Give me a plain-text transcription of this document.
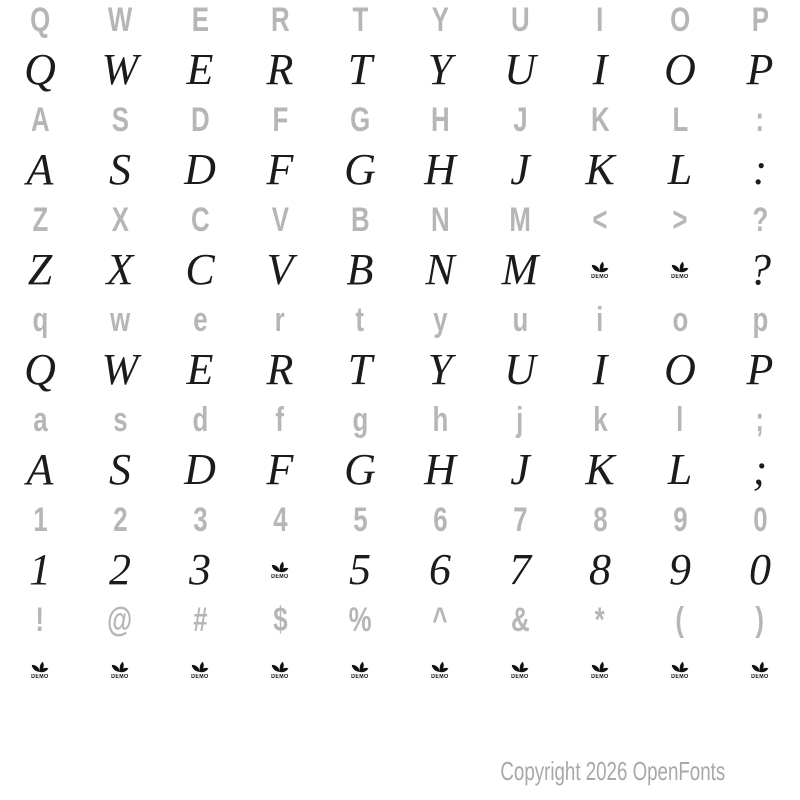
Q W E R T Y U I O P
Q W E R T Y U I O P
A S D F G H J K L :
A S D F G H J K L :
Z X C V B N M < > ?
Z X C V B N M	DEMO	DEMO ?
q w e r t y u i o p
Q W E R T Y U I O P
a s d f g h j k l ;
A S D F G H J K L ;
1 2 3 4 5 6 7 8 9 0
1 2 3	DEMO 5 6 7 8 9 0
! @ # $ % ^ & * ( )
DEMO	DEMO	DEMO	DEMO	DEMO	DEMO	DEMO	DEMO	DEMO	DEMO
Copyright 2026 OpenFonts
